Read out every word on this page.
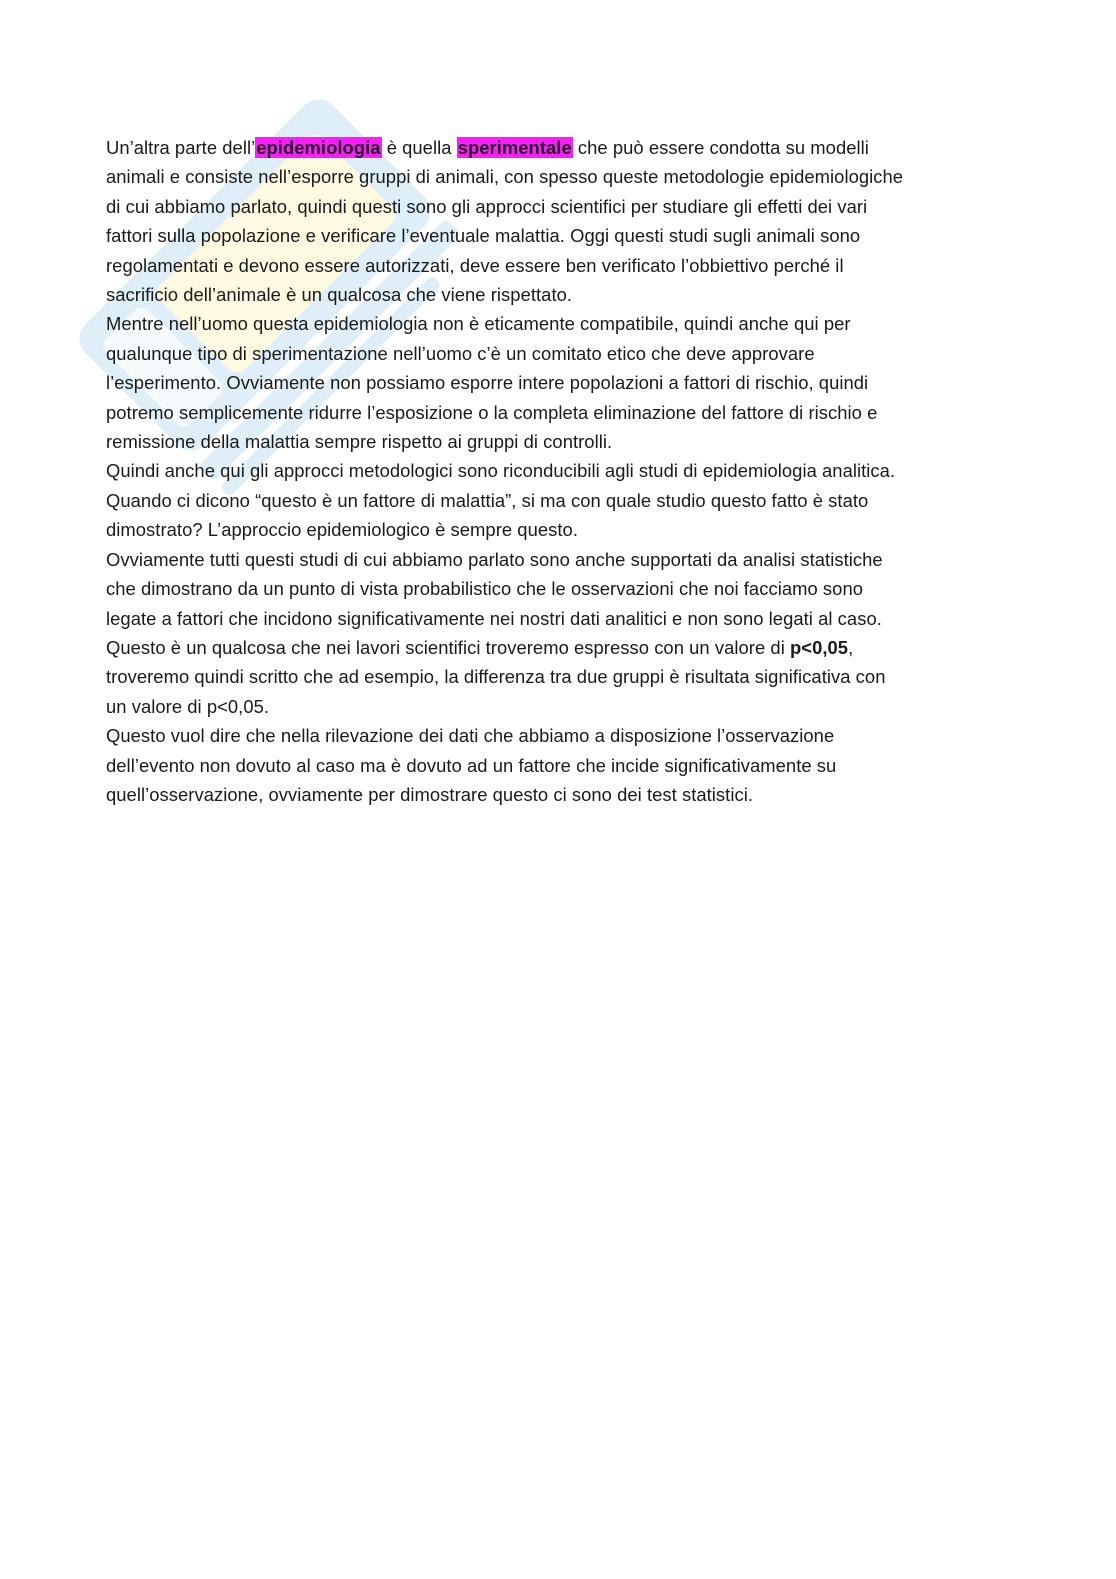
Un’altra parte dell’epidemiologia è quella sperimentale che può essere condotta su modelli
animali e consiste nell’esporre gruppi di animali, con spesso queste metodologie epidemiologiche
di cui abbiamo parlato, quindi questi sono gli approcci scientifici per studiare gli effetti dei vari
fattori sulla popolazione e verificare l’eventuale malattia. Oggi questi studi sugli animali sono
regolamentati e devono essere autorizzati, deve essere ben verificato l’obbiettivo perché il
sacrificio dell’animale è un qualcosa che viene rispettato.
Mentre nell’uomo questa epidemiologia non è eticamente compatibile, quindi anche qui per
qualunque tipo di sperimentazione nell’uomo c’è un comitato etico che deve approvare
l’esperimento. Ovviamente non possiamo esporre intere popolazioni a fattori di rischio, quindi
potremo semplicemente ridurre l’esposizione o la completa eliminazione del fattore di rischio e
remissione della malattia sempre rispetto ai gruppi di controlli.
Quindi anche qui gli approcci metodologici sono riconducibili agli studi di epidemiologia analitica.
Quando ci dicono “questo è un fattore di malattia”, si ma con quale studio questo fatto è stato
dimostrato? L’approccio epidemiologico è sempre questo.
Ovviamente tutti questi studi di cui abbiamo parlato sono anche supportati da analisi statistiche
che dimostrano da un punto di vista probabilistico che le osservazioni che noi facciamo sono
legate a fattori che incidono significativamente nei nostri dati analitici e non sono legati al caso.
Questo è un qualcosa che nei lavori scientifici troveremo espresso con un valore di p<0,05,
troveremo quindi scritto che ad esempio, la differenza tra due gruppi è risultata significativa con
un valore di p<0,05.
Questo vuol dire che nella rilevazione dei dati che abbiamo a disposizione l’osservazione
dell’evento non dovuto al caso ma è dovuto ad un fattore che incide significativamente su
quell’osservazione, ovviamente per dimostrare questo ci sono dei test statistici.
